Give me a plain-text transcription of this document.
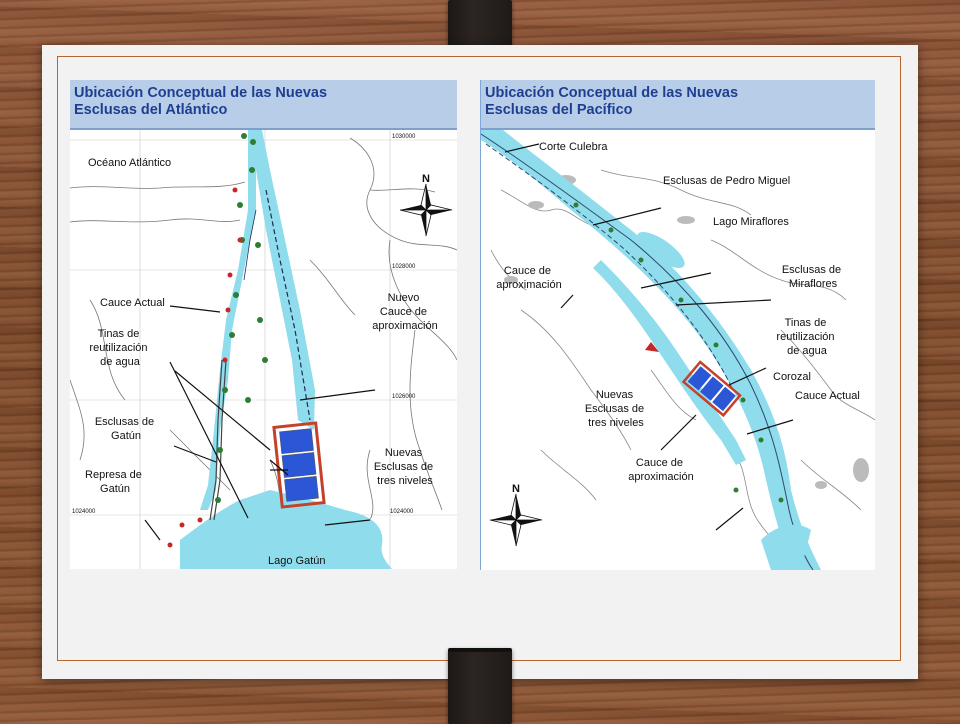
Ubicación Conceptual de las Nuevas
Esclusas del Atlántico
1030000
1028000
1026000
1024000	1024000
Océano Atlántico
Cauce Actual
Tinas de reutilización de agua
Esclusas de Gatún
Represa de Gatún
Nuevo Cauce de aproximación
Nuevas Esclusas de tres niveles
Lago Gatún
N
Ubicación Conceptual de las Nuevas
Esclusas del Pacífico
Corte Culebra
Esclusas de Pedro Miguel
Lago Miraflores
Esclusas de Miraflores
Cauce de aproximación
Tinas de reutilización de agua
Corozal
Cauce Actual
Nuevas Esclusas de tres niveles
Cauce de aproximación
N
